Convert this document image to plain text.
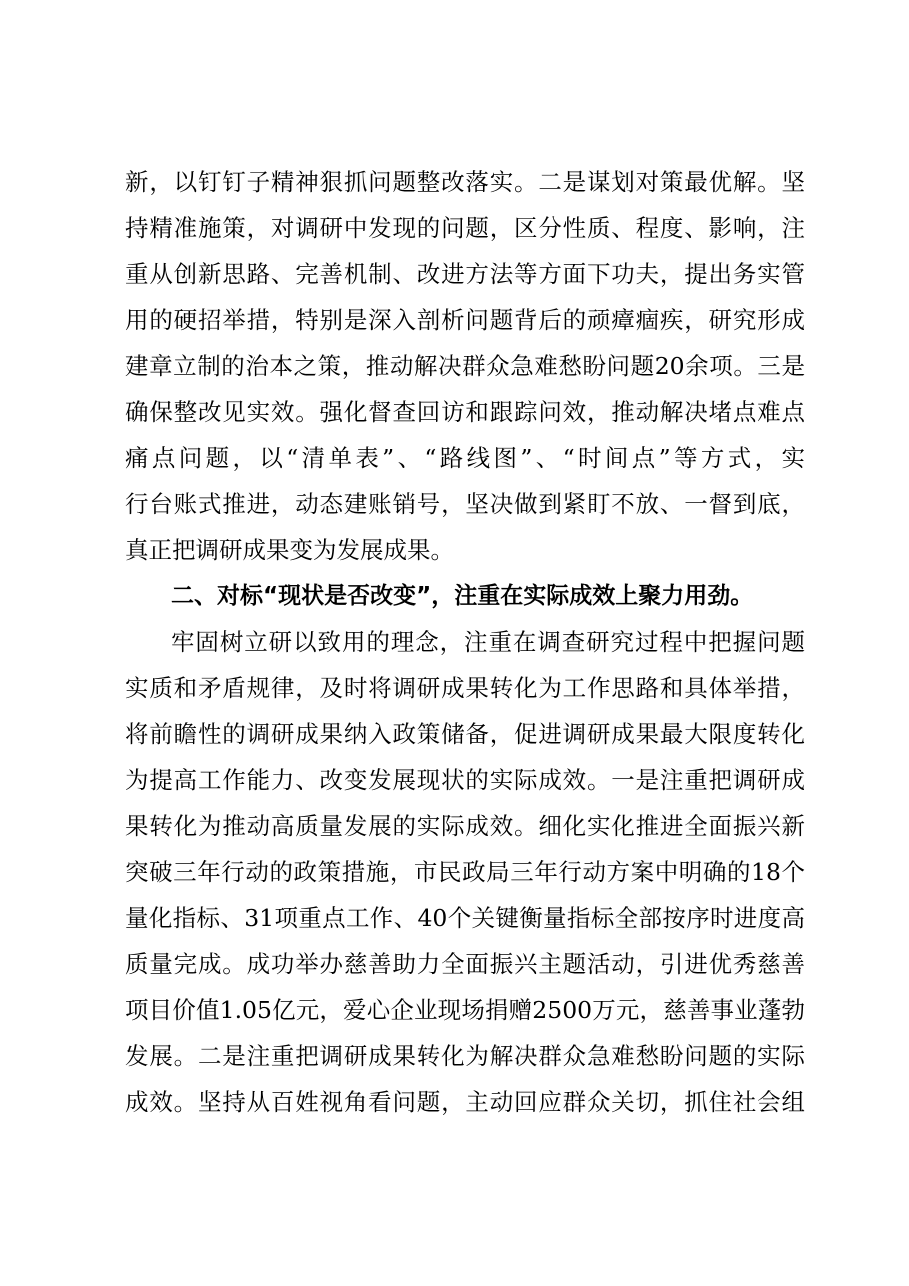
新，以钉钉子精神狠抓问题整改落实。二是谋划对策最优解。坚
持精准施策，对调研中发现的问题，区分性质、程度、影响，注
重从创新思路、完善机制、改进方法等方面下功夫，提出务实管
用的硬招举措，特别是深入剖析问题背后的顽瘴痼疾，研究形成
建章立制的治本之策，推动解决群众急难愁盼问题20余项。三是
确保整改见实效。强化督查回访和跟踪问效，推动解决堵点难点
痛点问题，以“清单表”、“路线图”、“时间点”等方式，实
行台账式推进，动态建账销号，坚决做到紧盯不放、一督到底，
真正把调研成果变为发展成果。
二、对标“现状是否改变”，注重在实际成效上聚力用劲。
牢固树立研以致用的理念，注重在调查研究过程中把握问题
实质和矛盾规律，及时将调研成果转化为工作思路和具体举措，
将前瞻性的调研成果纳入政策储备，促进调研成果最大限度转化
为提高工作能力、改变发展现状的实际成效。一是注重把调研成
果转化为推动高质量发展的实际成效。细化实化推进全面振兴新
突破三年行动的政策措施，市民政局三年行动方案中明确的18个
量化指标、31项重点工作、40个关键衡量指标全部按序时进度高
质量完成。成功举办慈善助力全面振兴主题活动，引进优秀慈善
项目价值1.05亿元，爱心企业现场捐赠2500万元，慈善事业蓬勃
发展。二是注重把调研成果转化为解决群众急难愁盼问题的实际
成效。坚持从百姓视角看问题，主动回应群众关切，抓住社会组
